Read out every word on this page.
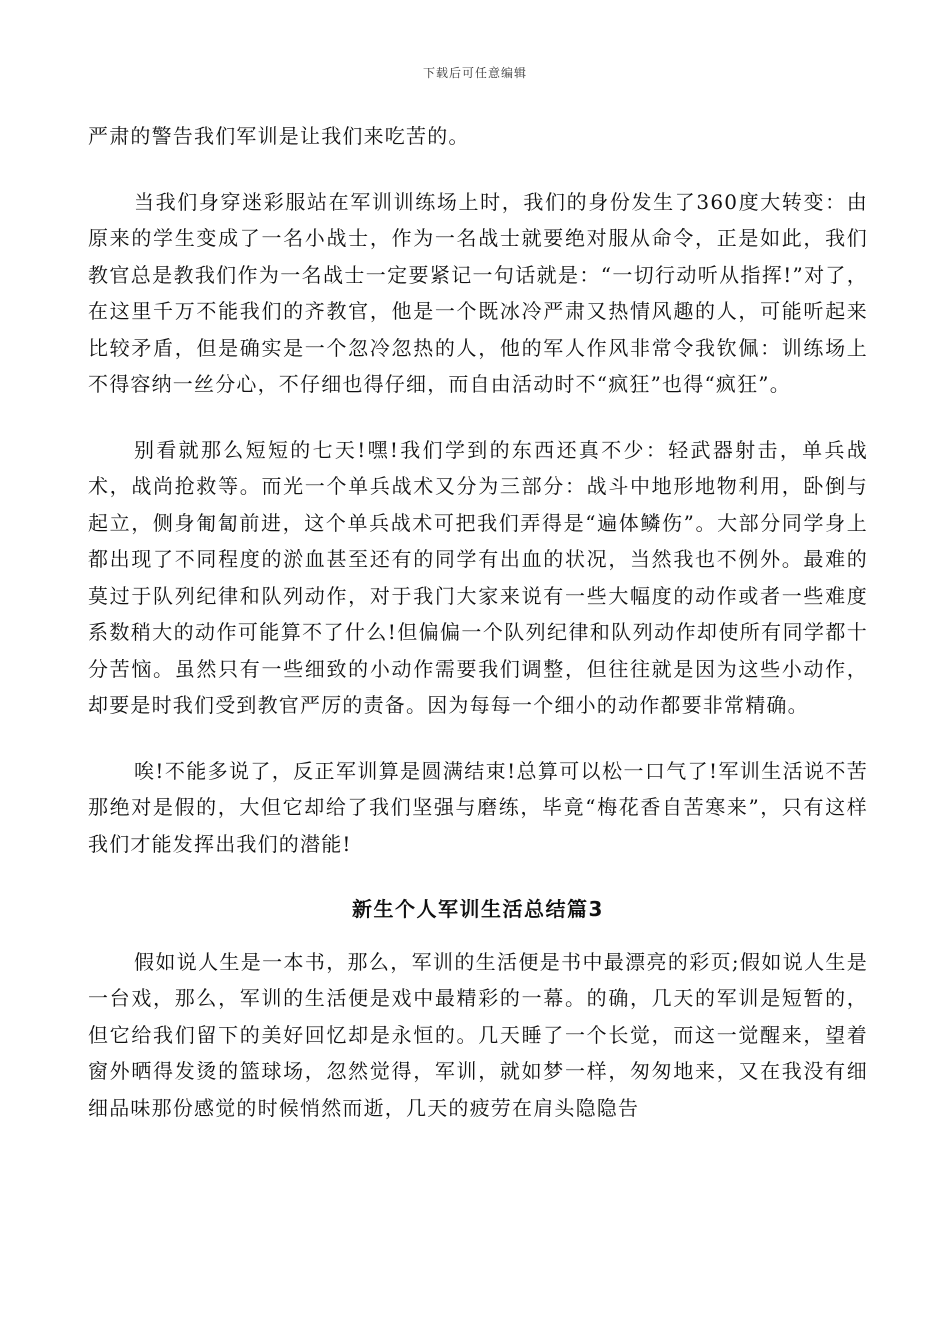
下载后可任意编辑

严肃的警告我们军训是让我们来吃苦的。

当我们身穿迷彩服站在军训训练场上时，我们的身份发生了360度大转变：由原来的学生变成了一名小战士，作为一名战士就要绝对服从命令，正是如此，我们教官总是教我们作为一名战士一定要紧记一句话就是：“一切行动听从指挥!”对了，在这里千万不能我们的齐教官，他是一个既冰冷严肃又热情风趣的人，可能听起来比较矛盾，但是确实是一个忽冷忽热的人，他的军人作风非常令我钦佩：训练场上不得容纳一丝分心，不仔细也得仔细，而自由活动时不“疯狂”也得“疯狂”。

别看就那么短短的七天!嘿!我们学到的东西还真不少：轻武器射击，单兵战术，战尚抢救等。而光一个单兵战术又分为三部分：战斗中地形地物利用，卧倒与起立，侧身匍匐前进，这个单兵战术可把我们弄得是“遍体鳞伤”。大部分同学身上都出现了不同程度的淤血甚至还有的同学有出血的状况，当然我也不例外。最难的莫过于队列纪律和队列动作，对于我门大家来说有一些大幅度的动作或者一些难度系数稍大的动作可能算不了什么!但偏偏一个队列纪律和队列动作却使所有同学都十分苦恼。虽然只有一些细致的小动作需要我们调整，但往往就是因为这些小动作，却要是时我们受到教官严厉的责备。因为每每一个细小的动作都要非常精确。

唉!不能多说了，反正军训算是圆满结束!总算可以松一口气了!军训生活说不苦那绝对是假的，大但它却给了我们坚强与磨练，毕竟“梅花香自苦寒来”，只有这样我们才能发挥出我们的潜能!

新生个人军训生活总结篇3

假如说人生是一本书，那么，军训的生活便是书中最漂亮的彩页;假如说人生是一台戏，那么，军训的生活便是戏中最精彩的一幕。的确，几天的军训是短暂的，但它给我们留下的美好回忆却是永恒的。几天睡了一个长觉，而这一觉醒来，望着窗外晒得发烫的篮球场，忽然觉得，军训，就如梦一样，匆匆地来，又在我没有细细品味那份感觉的时候悄然而逝，几天的疲劳在肩头隐隐告
